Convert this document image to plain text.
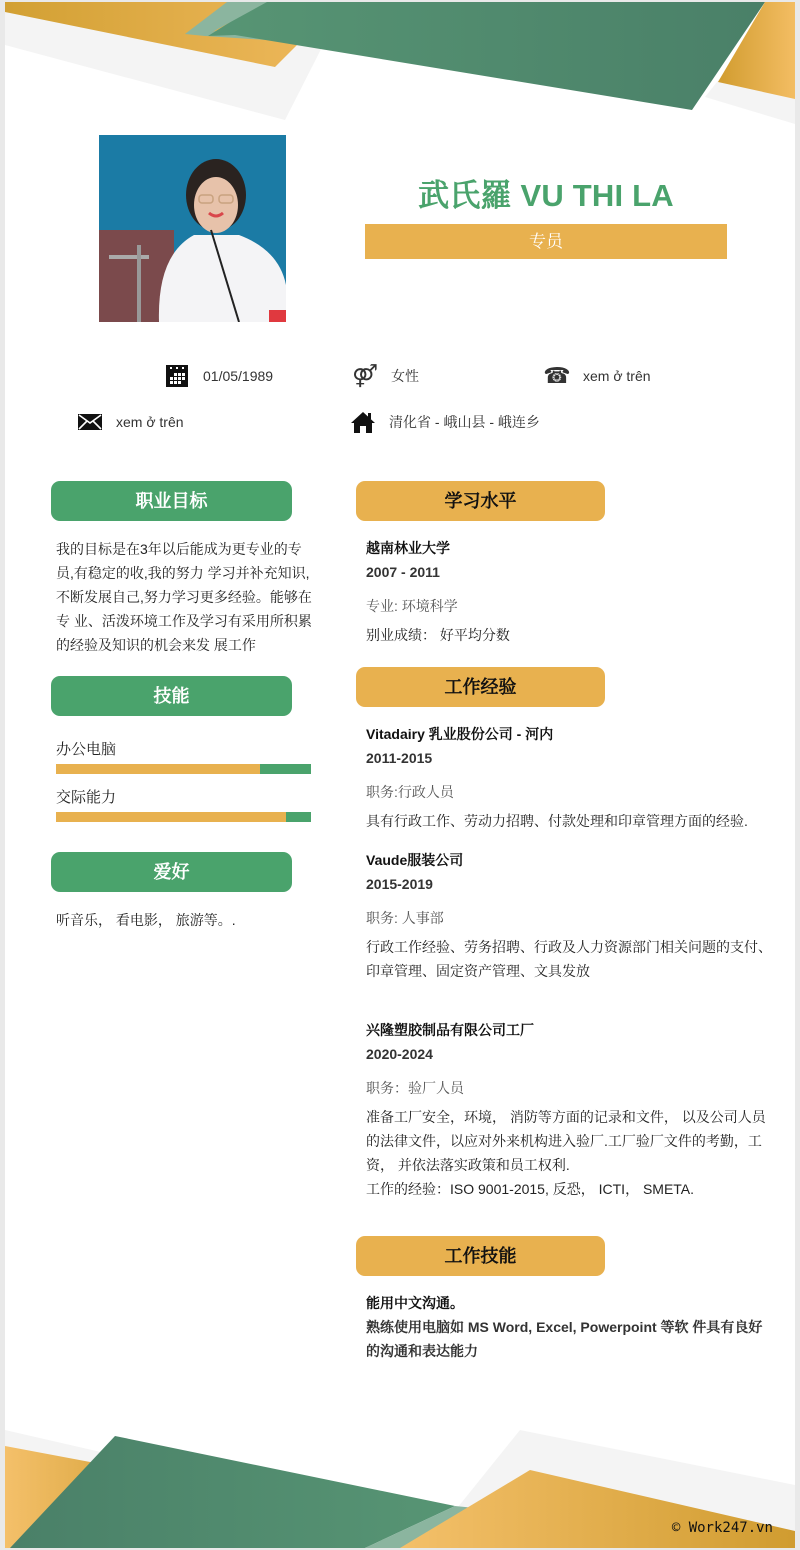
武氏羅 VU THI LA
专员
01/05/1989	⚤ 女性	☎ xem ở trên
xem ở trên	清化省 - 峨山县 - 峨连乡
职业目标
我的目标是在3年以后能成为更专业的专员,有稳定的收,我的努力 学习并补充知识,不断发展自己,努力学习更多经验。能够在专 业、活泼环境工作及学习有采用所积累的经验及知识的机会来发 展工作
技能
办公电脑
交际能力
爱好
听音乐， 看电影， 旅游等。.
学习水平
越南林业大学
2007 - 2011
专业: 环境科学
别业成绩： 好平均分数
工作经验
Vitadairy 乳业股份公司 - 河内
2011-2015
职务:行政人员
具有行政工作、劳动力招聘、付款处理和印章管理方面的经验.
Vaude服装公司
2015-2019
职务: 人事部
行政工作经验、劳务招聘、行政及人力资源部门相关问题的支付、印章管理、固定资产管理、文具发放
兴隆塑胶制品有限公司工厂
2020-2024
职务：验厂人员
准备工厂安全，环境， 消防等方面的记录和文件， 以及公司人员的法律文件，以应对外来机构进入验厂.工厂验厂文件的考勤，工资， 并依法落实政策和员工权利.
工作的经验：ISO 9001-2015, 反恐， ICTI， SMETA.
工作技能
能用中文沟通。
熟练使用电脑如 MS Word, Excel, Powerpoint 等软 件具有良好的沟通和表达能力
© Work247.vn
